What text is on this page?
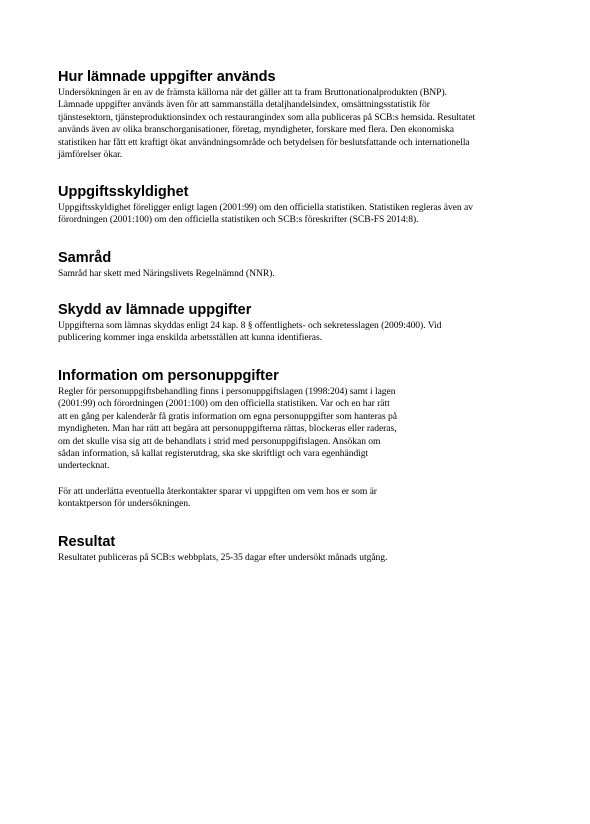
Hur lämnade uppgifter används

Undersökningen är en av de främsta källorna när det gäller att ta fram Bruttonationalprodukten (BNP).
Lämnade uppgifter används även för att sammanställa detaljhandelsindex, omsättningsstatistik för
tjänstesektorn, tjänsteproduktionsindex och restaurangindex som alla publiceras på SCB:s hemsida. Resultatet
används även av olika branschorganisationer, företag, myndigheter, forskare med flera. Den ekonomiska
statistiken har fått ett kraftigt ökat användningsområde och betydelsen för beslutsfattande och internationella
jämförelser ökar.

Uppgiftsskyldighet

Uppgiftsskyldighet föreligger enligt lagen (2001:99) om den officiella statistiken. Statistiken regleras även av
förordningen (2001:100) om den officiella statistiken och SCB:s föreskrifter (SCB-FS 2014:8).

Samråd

Samråd har skett med Näringslivets Regelnämnd (NNR).

Skydd av lämnade uppgifter

Uppgifterna som lämnas skyddas enligt 24 kap. 8 § offentlighets- och sekretesslagen (2009:400). Vid
publicering kommer inga enskilda arbetsställen att kunna identifieras.

Information om personuppgifter

Regler för personuppgiftsbehandling finns i personuppgiftslagen (1998:204) samt i lagen
(2001:99) och förordningen (2001:100) om den officiella statistiken. Var och en har rätt
att en gång per kalenderår få gratis information om egna personuppgifter som hanteras på
myndigheten. Man har rätt att begära att personuppgifterna rättas, blockeras eller raderas,
om det skulle visa sig att de behandlats i strid med personuppgiftslagen. Ansökan om
sådan information, så kallat registerutdrag, ska ske skriftligt och vara egenhändigt
undertecknat.
För att underlätta eventuella återkontakter sparar vi uppgiften om vem hos er som är
kontaktperson för undersökningen.

Resultat

Resultatet publiceras på SCB:s webbplats, 25-35 dagar efter undersökt månads utgång.
